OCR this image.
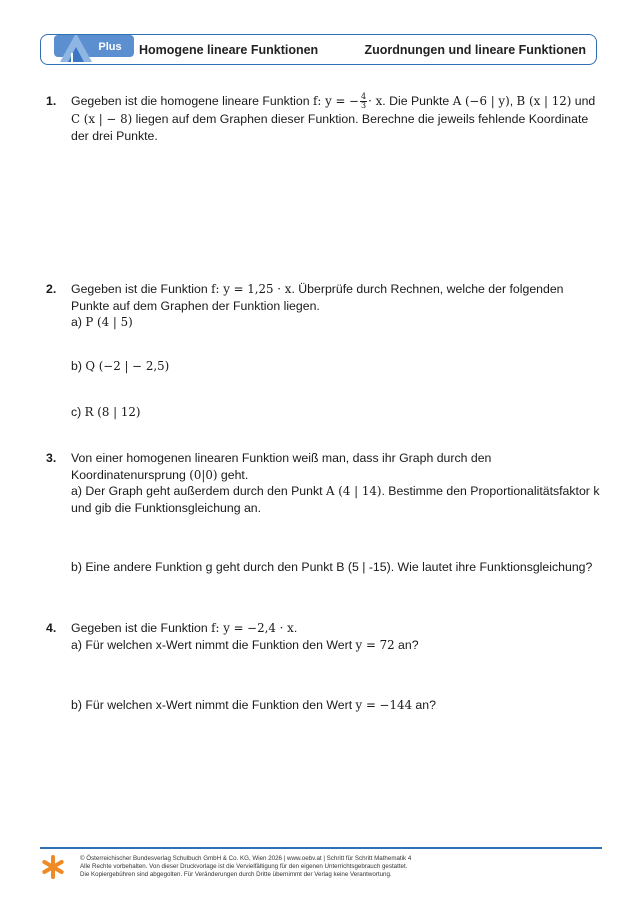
Plus Homogene lineare Funktionen	Zuordnungen und lineare Funktionen
1. Gegeben ist die homogene lineare Funktion f: y = − $\frac{4}{3} \cdot x$. Die Punkte A (−6 | y), B (x | 12) und
C (x | − 8) liegen auf dem Graphen dieser Funktion. Berechne die jeweils fehlende Koordinate der drei Punkte.
2. Gegeben ist die Funktion f: y = 1,25 · x. Überprüfe durch Rechnen, welche der folgenden Punkte auf dem Graphen der Funktion liegen.
a) P (4 | 5)
b) Q (−2 | − 2,5)
c) R (8 | 12)
3. Von einer homogenen linearen Funktion weiß man, dass ihr Graph durch den Koordinatenursprung (0|0) geht.
a) Der Graph geht außerdem durch den Punkt A (4 | 14). Bestimme den Proportionalitätsfaktor k und gib die Funktionsgleichung an.
b) Eine andere Funktion g geht durch den Punkt B (5 | -15). Wie lautet ihre Funktionsgleichung?
4. Gegeben ist die Funktion f: y = −2,4 · x.
a) Für welchen x-Wert nimmt die Funktion den Wert y = 72 an?
b) Für welchen x-Wert nimmt die Funktion den Wert y = −144 an?
© Österreichischer Bundesverlag Schulbuch GmbH & Co. KG, Wien 2026 | www.oebv.at | Schritt für Schritt Mathematik 4
Alle Rechte vorbehalten. Von dieser Druckvorlage ist die Vervielfältigung für den eigenen Unterrichtsgebrauch gestattet.
Die Kopiergebühren sind abgegolten. Für Veränderungen durch Dritte übernimmt der Verlag keine Verantwortung.
